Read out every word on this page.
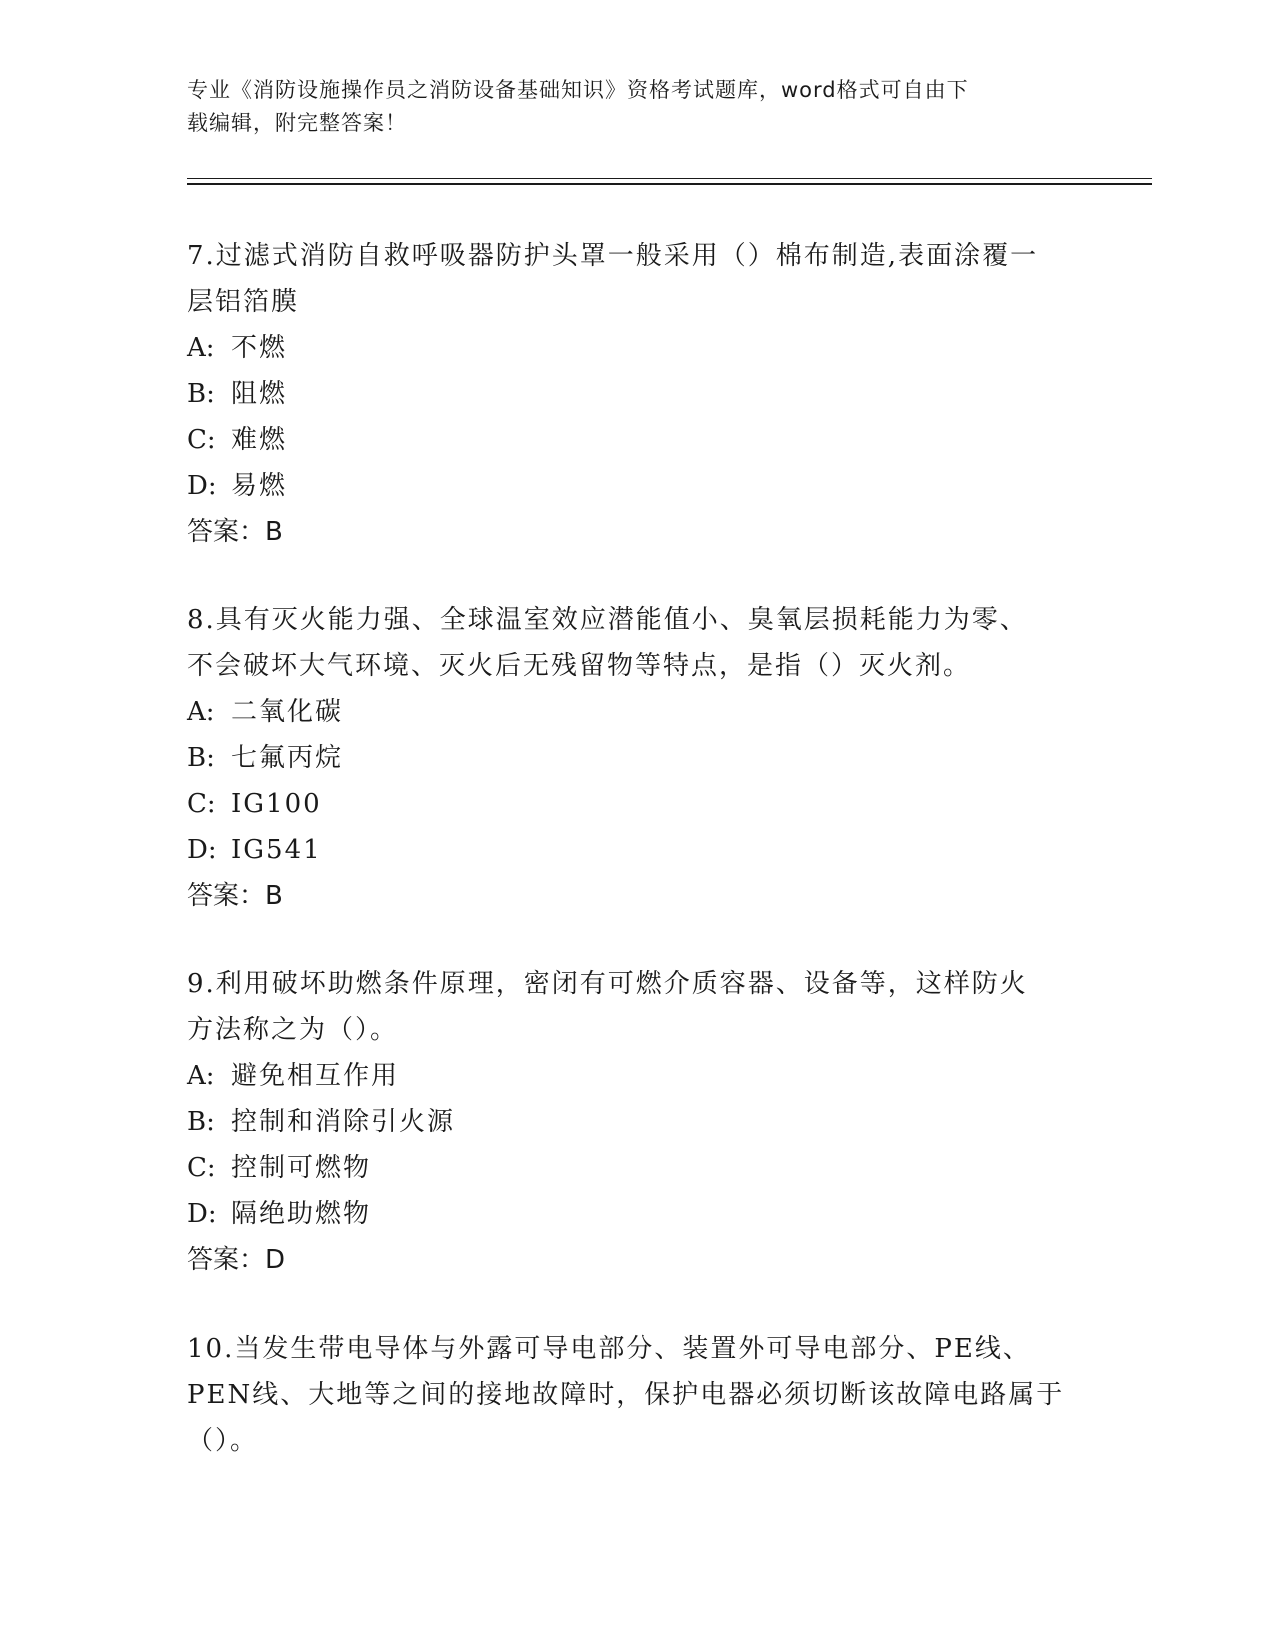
专业《消防设施操作员之消防设备基础知识》资格考试题库，word格式可自由下
载编辑，附完整答案！

7.过滤式消防自救呼吸器防护头罩一般采用（）棉布制造,表面涂覆一
层铝箔膜

A: 不燃

B: 阻燃

C: 难燃

D: 易燃

答案：B

8.具有灭火能力强、全球温室效应潜能值小、臭氧层损耗能力为零、
不会破坏大气环境、灭火后无残留物等特点，是指（）灭火剂。

A: 二氧化碳

B: 七氟丙烷

C: IG100

D: IG541

答案：B

9.利用破坏助燃条件原理，密闭有可燃介质容器、设备等，这样防火
方法称之为（）。

A: 避免相互作用

B: 控制和消除引火源

C: 控制可燃物

D: 隔绝助燃物

答案：D

10.当发生带电导体与外露可导电部分、装置外可导电部分、PE线、
PEN线、大地等之间的接地故障时，保护电器必须切断该故障电路属于
（）。
